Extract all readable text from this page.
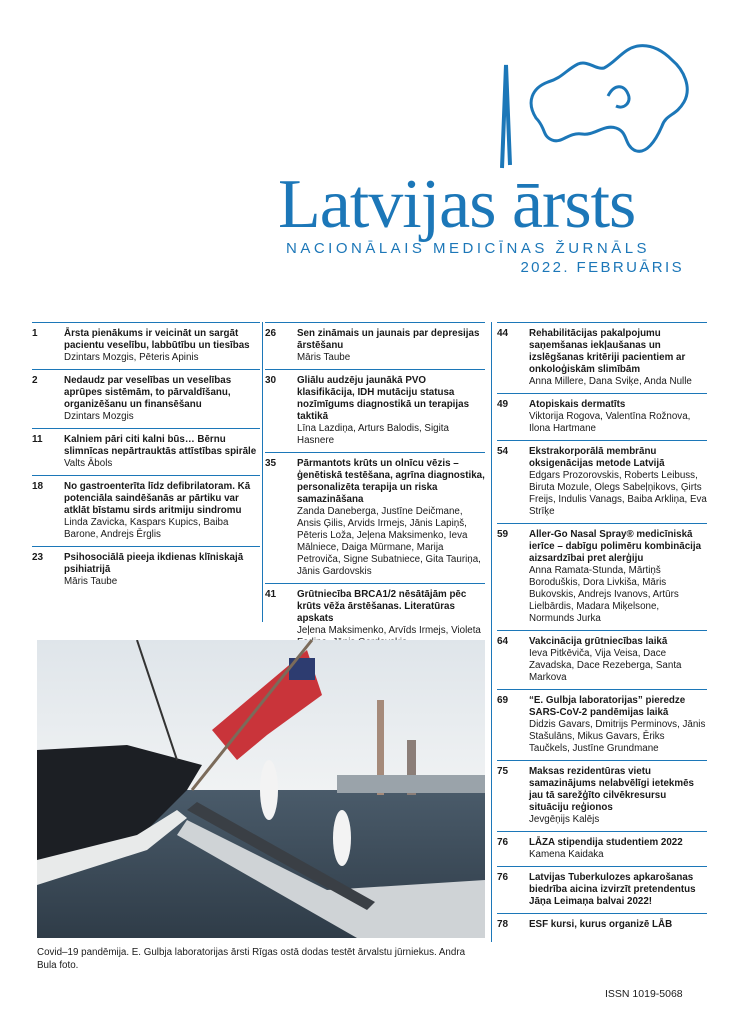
Latvijas ārsts
NACIONĀLAIS MEDICĪNAS ŽURNĀLS
2022. FEBRUĀRIS
1	Ārsta pienākums ir veicināt un sargāt pacientu veselību, labbūtību un tiesības
Dzintars Mozgis, Pēteris Apinis
2	Nedaudz par veselības un veselības aprūpes sistēmām, to pārvaldīšanu, organizēšanu un finansēšanu
Dzintars Mozgis
11	Kalniem pāri citi kalni būs… Bērnu slimnīcas nepārtrauktās attīstības spirāle
Valts Ābols
18	No gastroenterīta līdz defibrilatoram. Kā potenciāla saindēšanās ar pārtiku var atklāt bīstamu sirds aritmiju sindromu
Linda Zavicka, Kaspars Kupics, Baiba Barone, Andrejs Ērglis
23	Psihosociālā pieeja ikdienas klīniskajā psihiatrijā
Māris Taube
26	Sen zināmais un jaunais par depresijas ārstēšanu
Māris Taube
30	Gliālu audzēju jaunākā PVO klasifikācija, IDH mutāciju statusa nozīmīgums diagnostikā un terapijas taktikā
Līna Lazdiņa, Arturs Balodis, Sigita Hasnere
35	Pārmantots krūts un olnīcu vēzis – ģenētiskā testēšana, agrīna diagnostika, personalizēta terapija un riska samazināšana
Zanda Daneberga, Justīne Deičmane, Ansis Ģilis, Arvids Irmejs, Jānis Lapiņš, Pēteris Loža, Jeļena Maksimenko, Ieva Mālniece, Daiga Mūrmane, Marija Petroviča, Signe Subatniece, Gita Tauriņa, Jānis Gardovskis
41	Grūtniecība BRCA1/2 nēsātājām pēc krūts vēža ārstēšanas. Literatūras apskats
Jeļena Maksimenko, Arvīds Irmejs, Violeta
44	Rehabilitācijas pakalpojumu saņemšanas iekļaušanas un izslēgšanas kritēriji pacientiem ar onkoloģiskām slimībām
Anna Millere, Dana Sviķe, Anda Nulle
49	Atopiskais dermatīts
Viktorija Rogova, Valentīna Rožnova, Ilona Hartmane
54	Ekstrakorporālā membrānu oksigenācijas metode Latvijā
Edgars Prozorovskis, Roberts Leibuss, Biruta Mozule, Olegs Sabeļņikovs, Ģirts Freijs, Indulis Vanags, Baiba Arkliņa, Eva Strīķe
59	Aller-Go Nasal Spray® medicīniskā ierīce – dabīgu polimēru kombinācija aizsardzībai pret alerģiju
Anna Ramata-Stunda, Mārtiņš Boroduškis, Dora Livkiša, Māris Bukovskis, Andrejs Ivanovs, Artūrs Lielbārdis, Madara Miķelsone, Normunds Jurka
64	Vakcinācija grūtniecības laikā
Ieva Pitkēviča, Vija Veisa, Dace Zavadska, Dace Rezeberga, Santa Markova
69	“E. Gulbja laboratorijas” pieredze SARS-CoV-2 pandēmijas laikā
Didzis Gavars, Dmitrijs Perminovs, Jānis Stašulāns, Mikus Gavars, Ēriks Taučkels, Justīne Grundmane
75	Maksas rezidentūras vietu samazinājums nelabvēlīgi ietekmēs jau tā sarežģīto cilvēkresursu situāciju reģionos
Jevgēņijs Kalējs
76	LĀZA stipendija studentiem 2022
Kamena Kaidaka
76	Latvijas Tuberkulozes apkarošanas biedrība aicina izvirzīt pretendentus Jāņa Leimaņa balvai 2022!
78	ESF kursi, kurus organizē LĀB
Covid–19 pandēmija. E. Gulbja laboratorijas ārsti Rīgas ostā dodas testēt ārvalstu jūrniekus. Andra Bula foto.
ISSN 1019-5068
